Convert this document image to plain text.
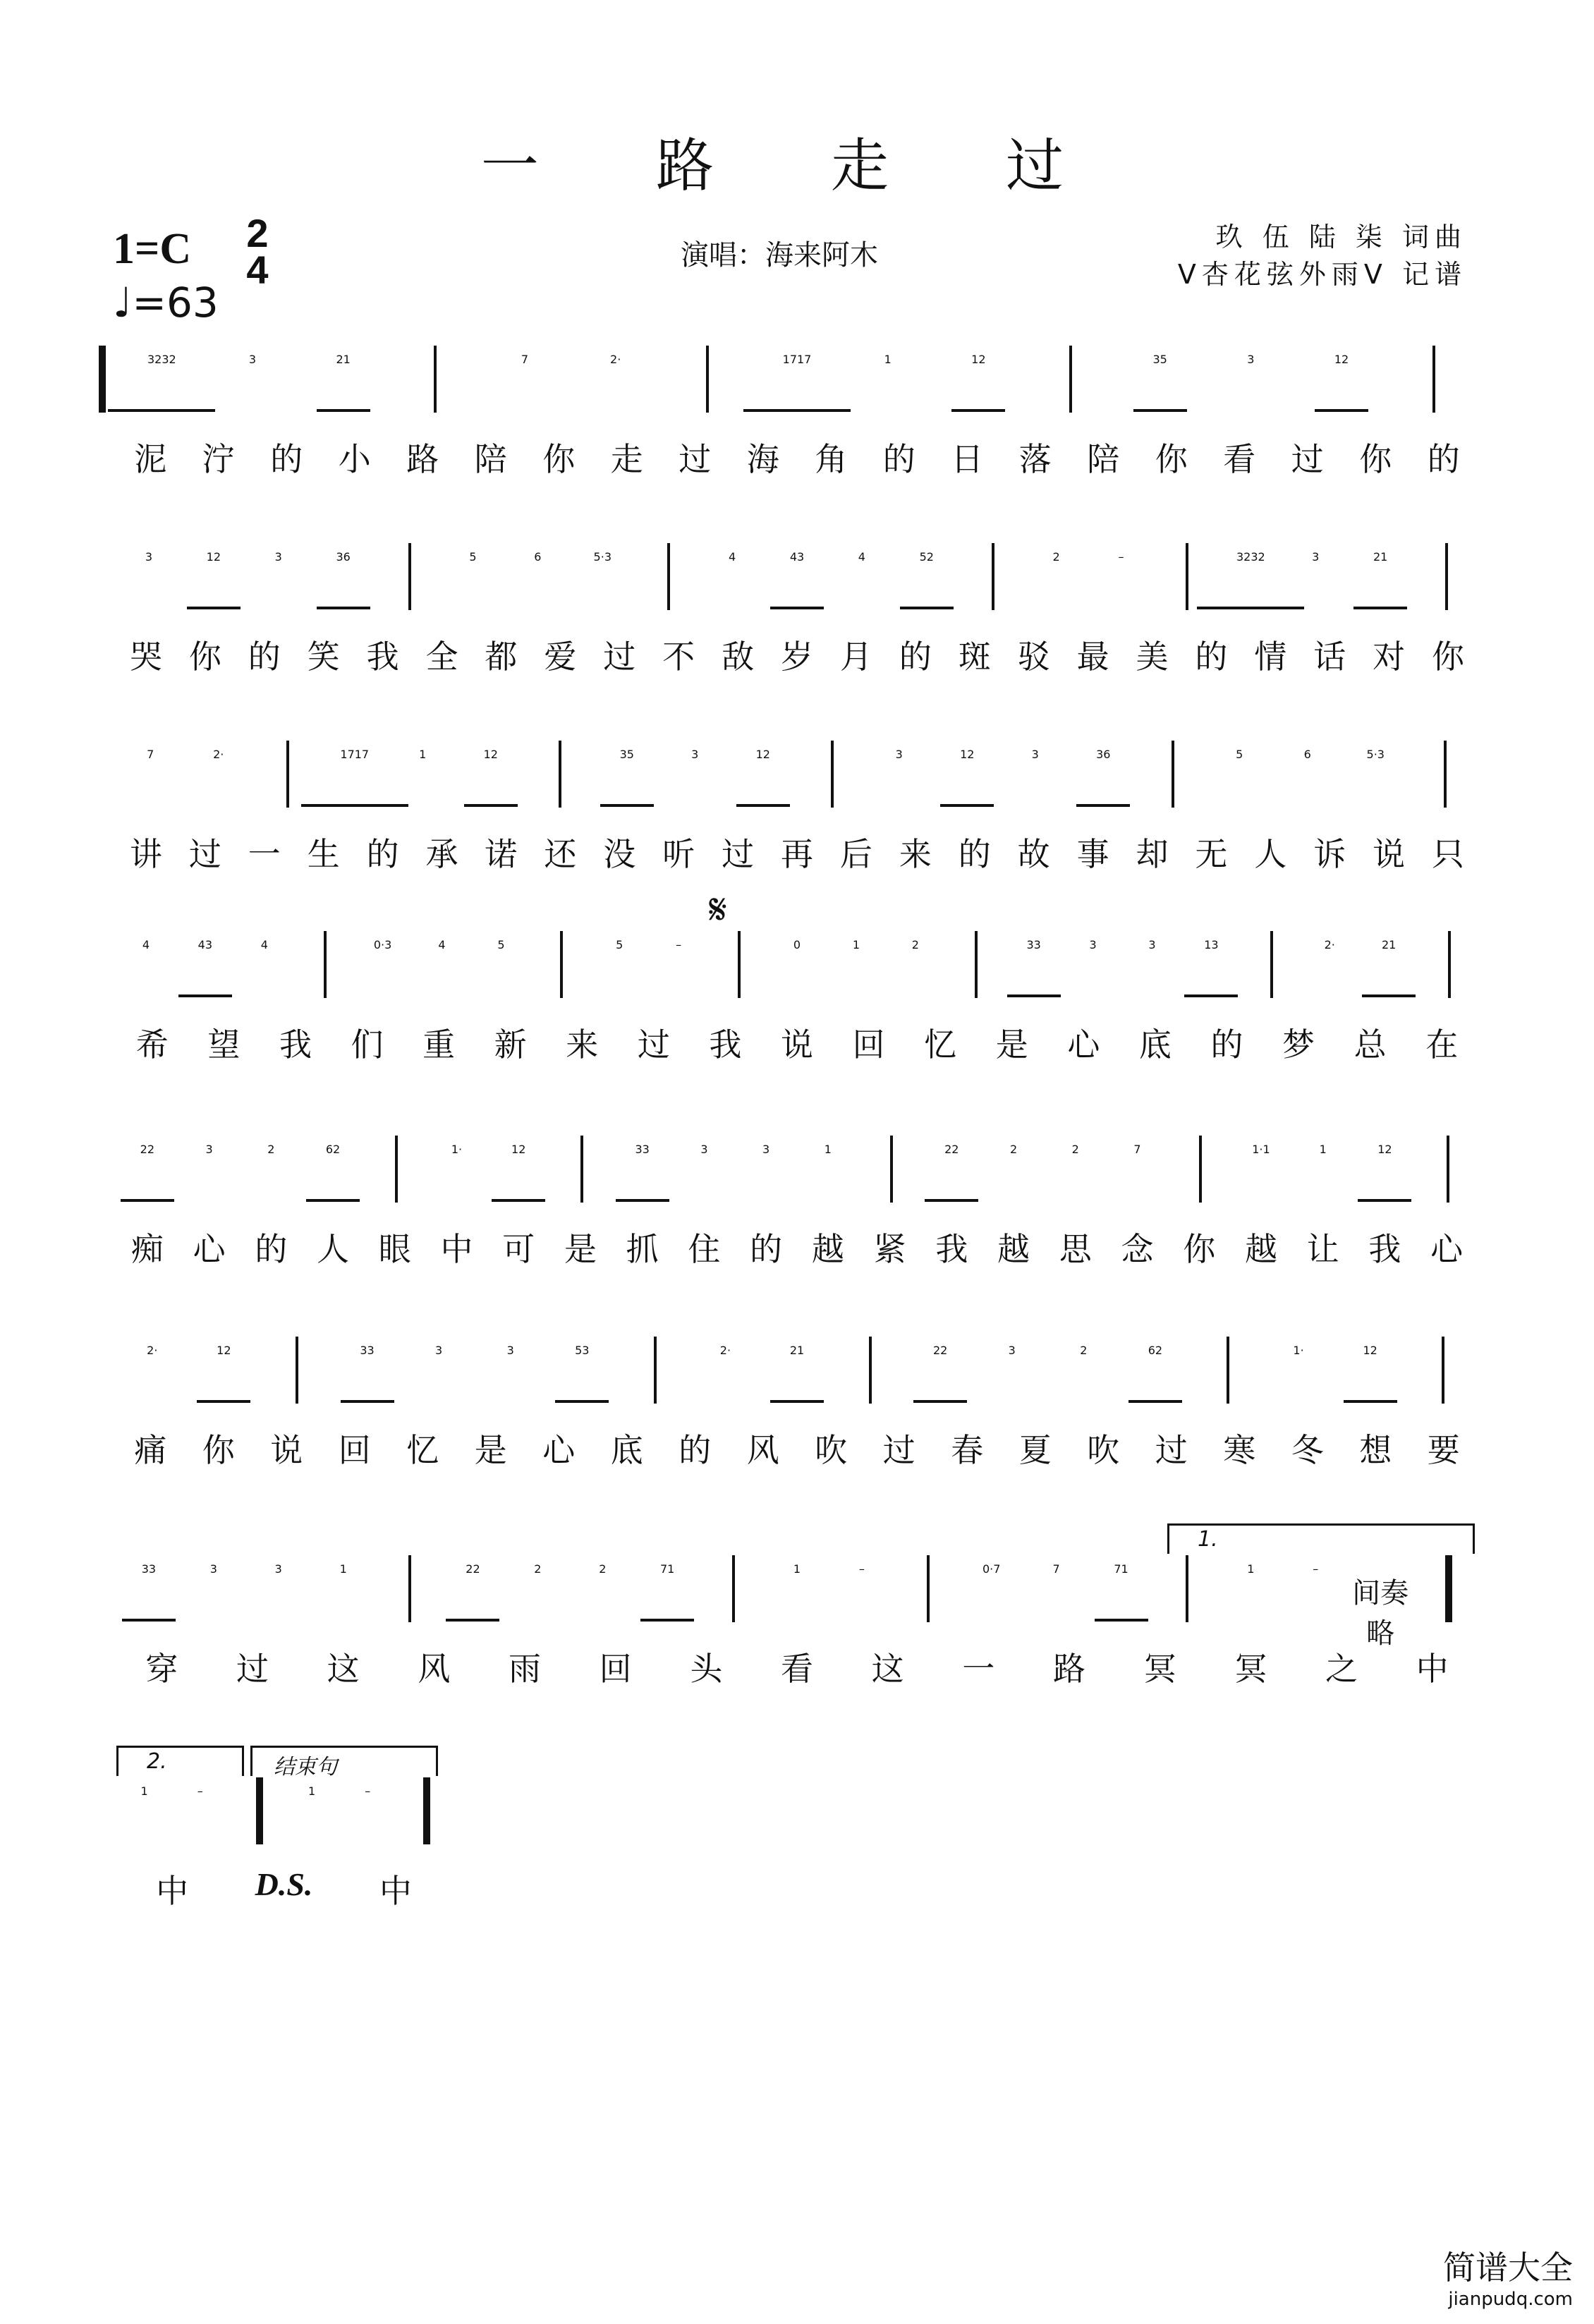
一 路 走 过
1=C 2
4
♩=63
演唱：海来阿木
玖 伍 陆 柒 词曲
V杏花弦外雨V 记谱
3232	3	21	7	2·	1717	1	12	35	3	12
泥	泞	的	小	路	陪	你	走	过	海	角	的	日	落	陪	你	看	过	你	的
3	12	3	36	5	6	5·3	4	43	4	52	2	–	3232	3	21
哭 你 的 笑 我 全 都 爱 过 不 敌 岁 月 的 斑 驳 最 美 的 情 话 对 你
7	2·	1717	1	12	35	3	12	3	12	3	36	5	6	5·3
讲 过 一 生 的 承 诺 还 没 听 过 再 后 来 的 故 事 却 无 人 诉 说 只
4	43	4	0·3	4	5	5	–	0	1	2	33	3	3	13	2·	21
希	望	我	们	重	新	来	过	我	说	回	忆	是	心	底	的	梦	总	在
22	3	2	62	1·	12	33	3	3	1	22	2	2	7	1·1	1	12
痴 心 的 人 眼 中 可 是 抓 住 的 越 紧 我 越 思 念 你 越 让 我 心
2·	12	33	3	3	53	2·	21	22	3	2	62	1·	12
痛	你	说	回	忆	是	心	底	的	风	吹	过	春	夏	吹	过	寒	冬	想	要
33	3	3	1	22	2	2	71	1	–	0·7	7	71	1	–
间奏略
穿	过	这	风	雨	回	头	看	这	一	路	冥	冥	之	中
1	–	1	–
中	D.S.	中
𝄋
1.
2.	结束句
简谱大全
jianpudq.com
